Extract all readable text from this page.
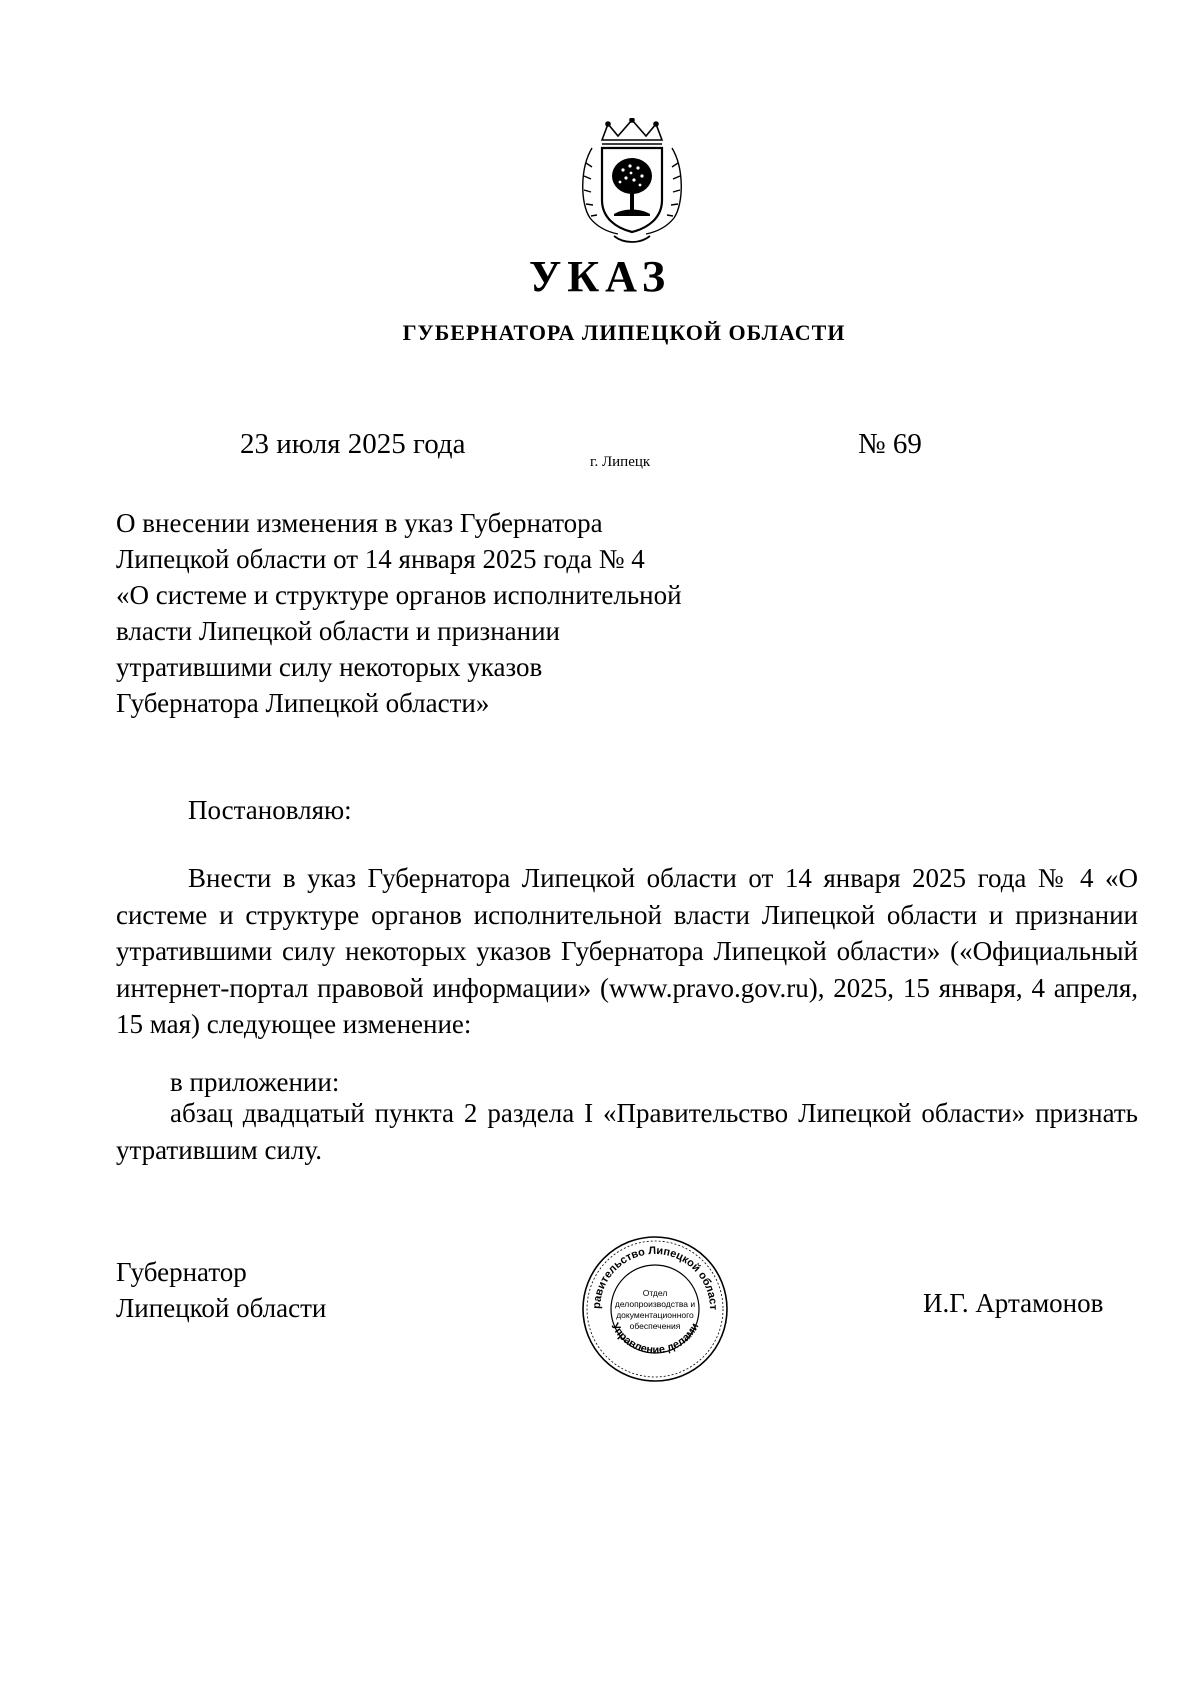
УКАЗ
ГУБЕРНАТОРА ЛИПЕЦКОЙ ОБЛАСТИ
23 июля 2025 года
г. Липецк
№ 69
О внесении изменения в указ Губернатора
Липецкой области от 14 января 2025 года № 4
«О системе и структуре органов исполнительной
власти Липецкой области и признании
утратившими силу некоторых указов
Губернатора Липецкой области»
Постановляю:
Внести в указ Губернатора Липецкой области от 14 января 2025 года № 4 «О системе и структуре органов исполнительной власти Липецкой области и признании утратившими силу некоторых указов Губернатора Липецкой области» («Официальный интернет-портал правовой информации» (www.pravo.gov.ru), 2025, 15 января, 4 апреля, 15 мая) следующее изменение:
в приложении:
абзац двадцатый пункта 2 раздела I «Правительство Липецкой области» признать утратившим силу.
Губернатор
Липецкой области	равительство Липецкой област
Управление делами
Отдел
делопроизводства и
документационного
обеспечения
И.Г. Артамонов
